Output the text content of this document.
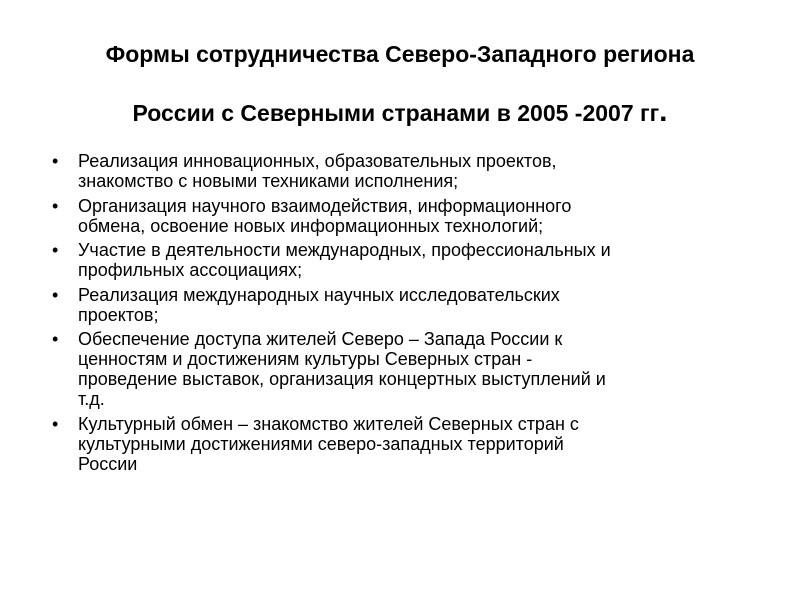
Формы сотрудничества Северо-Западного региона
России с Северными странами в 2005 -2007 гг.
• Реализация инновационных, образовательных проектов,
знакомство с новыми техниками исполнения;
• Организация научного взаимодействия, информационного
обмена, освоение новых информационных технологий;
• Участие в деятельности международных, профессиональных и
профильных ассоциациях;
• Реализация международных научных исследовательских
проектов;
• Обеспечение доступа жителей Северо – Запада России к
ценностям и достижениям культуры Северных стран -
проведение выставок, организация концертных выступлений и
т.д.
• Культурный обмен – знакомство жителей Северных стран с
культурными достижениями северо-западных территорий
России
